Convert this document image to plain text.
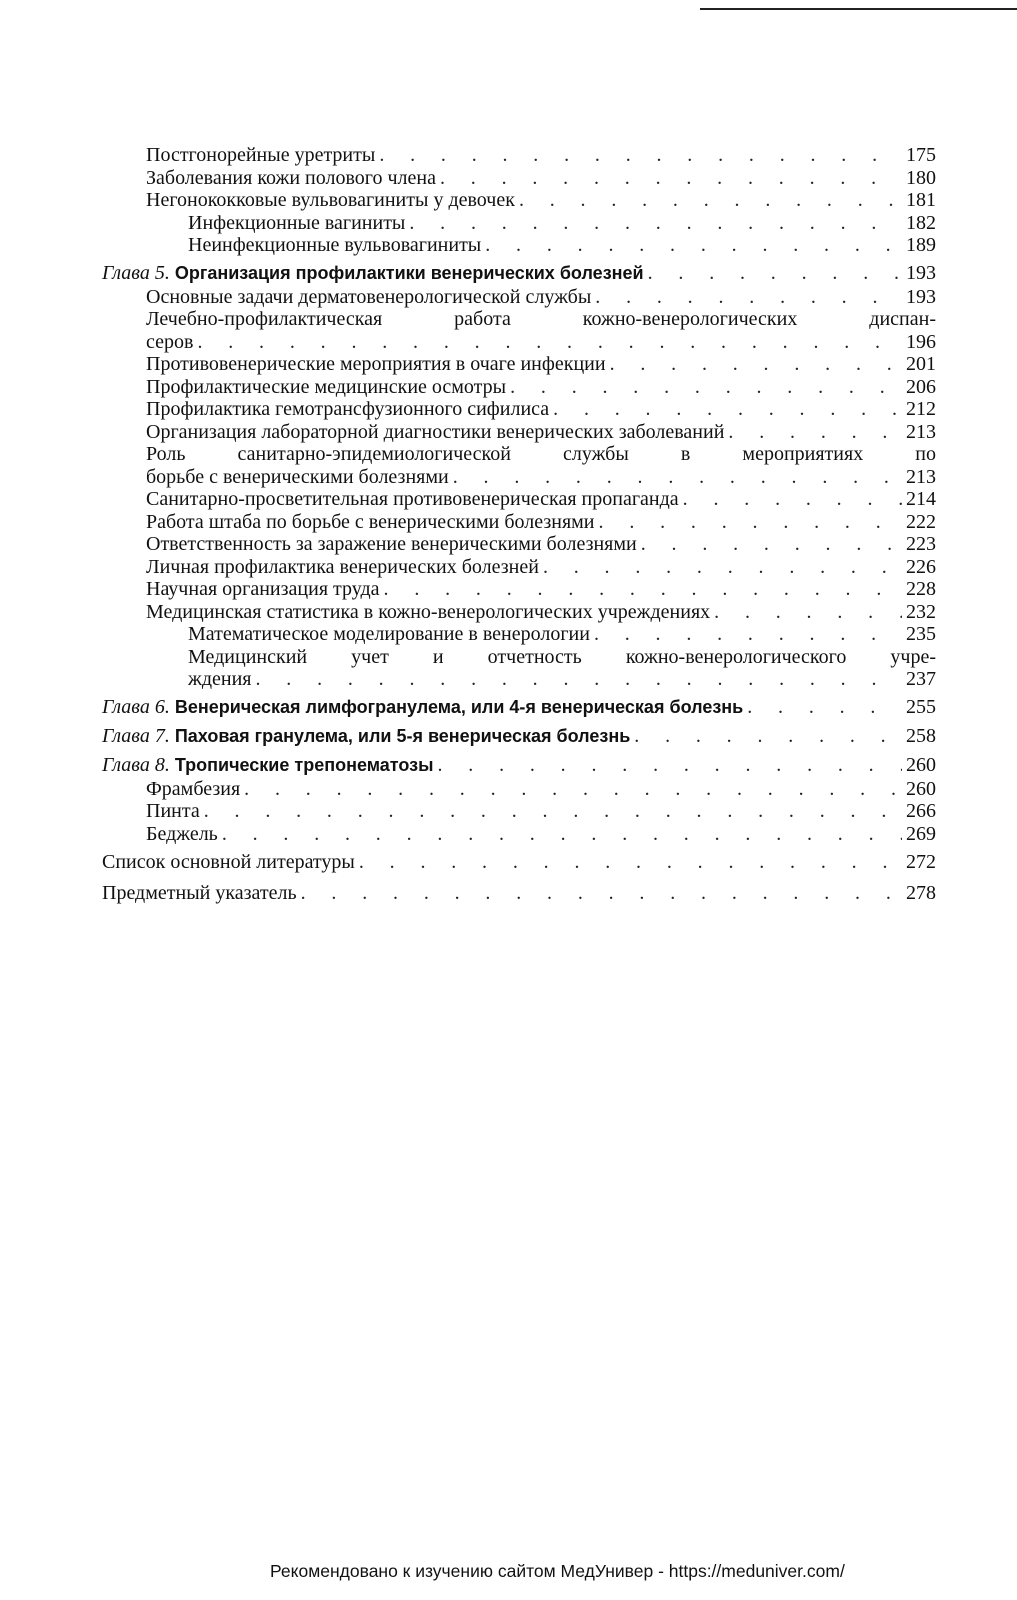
Постгонорейные уретриты . . .	175
Заболевания кожи полового члена . . .	180
Негонококковые вульвовагиниты у девочек . . .	181
Инфекционные вагиниты . . .	182
Неинфекционные вульвовагиниты . . .	189
Глава 5. Организация профилактики венерических болезней . . .	193
Основные задачи дерматовенерологической службы . . .	193
Лечебно-профилактическая работа кожно-венерологических диспан-
серов . . .	196
Противовенерические мероприятия в очаге инфекции . . .	201
Профилактические медицинские осмотры . . .	206
Профилактика гемотрансфузионного сифилиса . . .	212
Организация лабораторной диагностики венерических заболеваний . . .	213
Роль санитарно-эпидемиологической службы в мероприятиях по
борьбе с венерическими болезнями . . .	213
Санитарно-просветительная противовенерическая пропаганда . . .	214
Работа штаба по борьбе с венерическими болезнями . . .	222
Ответственность за заражение венерическими болезнями . . .	223
Личная профилактика венерических болезней . . .	226
Научная организация труда . . .	228
Медицинская статистика в кожно-венерологических учреждениях . . .	232
Математическое моделирование в венерологии . . .	235
Медицинский учет и отчетность кожно-венерологического учре-
ждения . . .	237
Глава 6. Венерическая лимфогранулема, или 4-я венерическая болезнь . . .	255
Глава 7. Паховая гранулема, или 5-я венерическая болезнь . . .	258
Глава 8. Тропические трепонематозы . . .	260
Фрамбезия . . .	260
Пинта . . .	266
Беджель . . .	269
Список основной литературы . . .	272
Предметный указатель . . .	278
Рекомендовано к изучению сайтом МедУнивер - https://meduniver.com/
